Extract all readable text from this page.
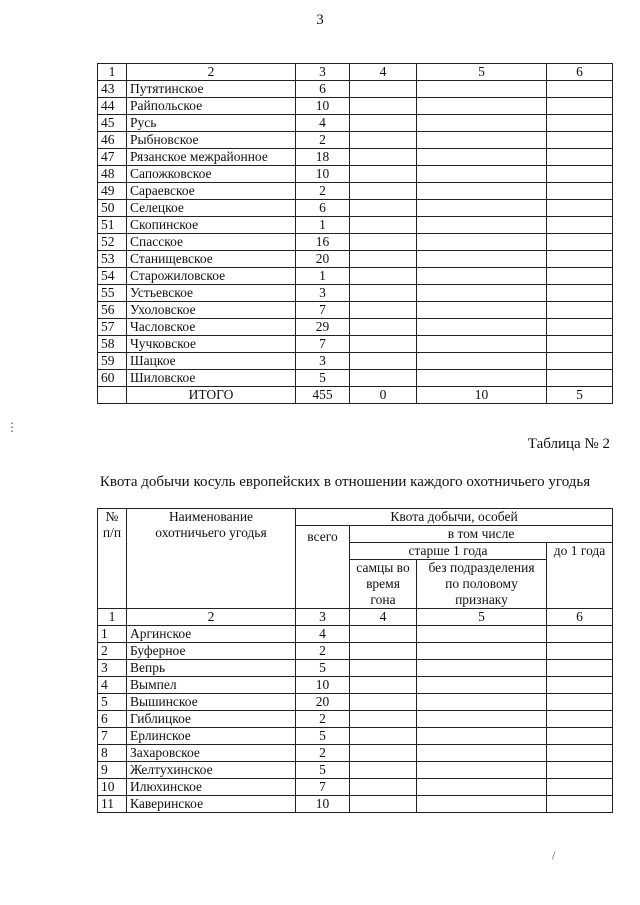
3
1	2	3	4	5	6
43	Путятинское	6			
44	Райпольское	10			
45	Русь	4			
46	Рыбновское	2			
47	Рязанское межрайонное	18			
48	Сапожковское	10			
49	Сараевское	2			
50	Селецкое	6			
51	Скопинское	1			
52	Спасское	16			
53	Станищевское	20			
54	Старожиловское	1			
55	Устьевское	3			
56	Ухоловское	7			
57	Часловское	29			
58	Чучковское	7			
59	Шацкое	3			
60	Шиловское	5			
	ИТОГО	455	0	10	5
Таблица № 2
Квота добычи косуль европейских в отношении каждого охотничьего угодья
№ п/п	Наименование охотничьего угодья	Квота добычи, особей			
		всего	в том числе		
			старше 1 года		до 1 года
			самцы во время гона	без подразделения по половому признаку	
1	2	3	4	5	6
1	Аргинское	4			
2	Буферное	2			
3	Вепрь	5			
4	Вымпел	10			
5	Вышинское	20			
6	Гиблицкое	2			
7	Ерлинское	5			
8	Захаровское	2			
9	Желтухинское	5			
10	Илюхинское	7			
11	Каверинское	10			
⋮
/
